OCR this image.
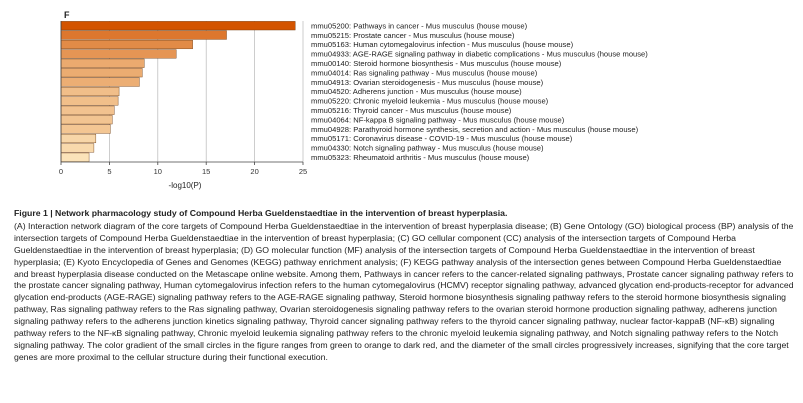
F
0	5	10	15	20	25
mmu05200: Pathways in cancer - Mus musculus (house mouse)
mmu05215: Prostate cancer - Mus musculus (house mouse)
mmu05163: Human cytomegalovirus infection - Mus musculus (house mouse)
mmu04933: AGE-RAGE signaling pathway in diabetic complications - Mus musculus (house mouse)
mmu00140: Steroid hormone biosynthesis - Mus musculus (house mouse)
mmu04014: Ras signaling pathway - Mus musculus (house mouse)
mmu04913: Ovarian steroidogenesis - Mus musculus (house mouse)
mmu04520: Adherens junction - Mus musculus (house mouse)
mmu05220: Chronic myeloid leukemia - Mus musculus (house mouse)
mmu05216: Thyroid cancer - Mus musculus (house mouse)
mmu04064: NF-kappa B signaling pathway - Mus musculus (house mouse)
mmu04928: Parathyroid hormone synthesis, secretion and action - Mus musculus (house mouse)
mmu05171: Coronavirus disease - COVID-19 - Mus musculus (house mouse)
mmu04330: Notch signaling pathway - Mus musculus (house mouse)
mmu05323: Rheumatoid arthritis - Mus musculus (house mouse)
-log10(P)
Figure 1 | Network pharmacology study of Compound Herba Gueldenstaedtiae in the intervention of breast hyperplasia.
(A) Interaction network diagram of the core targets of Compound Herba Gueldenstaedtiae in the intervention of breast hyperplasia disease; (B) Gene Ontology (GO) biological process (BP) analysis of the intersection targets of Compound Herba Gueldenstaedtiae in the intervention of breast hyperplasia; (C) GO cellular component (CC) analysis of the intersection targets of Compound Herba Gueldenstaedtiae in the intervention of breast hyperplasia; (D) GO molecular function (MF) analysis of the intersection targets of Compound Herba Gueldenstaedtiae in the intervention of breast hyperplasia; (E) Kyoto Encyclopedia of Genes and Genomes (KEGG) pathway enrichment analysis; (F) KEGG pathway analysis of the intersection genes between Compound Herba Gueldenstaedtiae and breast hyperplasia disease conducted on the Metascape online website. Among them, Pathways in cancer refers to the cancer-related signaling pathways, Prostate cancer signaling pathway refers to the prostate cancer signaling pathway, Human cytomegalovirus infection refers to the human cytomegalovirus (HCMV) receptor signaling pathway, advanced glycation end-products-receptor for advanced glycation end-products (AGE-RAGE) signaling pathway refers to the AGE-RAGE signaling pathway, Steroid hormone biosynthesis signaling pathway refers to the steroid hormone biosynthesis signaling pathway, Ras signaling pathway refers to the Ras signaling pathway, Ovarian steroidogenesis signaling pathway refers to the ovarian steroid hormone production signaling pathway, adherens junction signaling pathway refers to the adherens junction kinetics signaling pathway, Thyroid cancer signaling pathway refers to the thyroid cancer signaling pathway, nuclear factor-kappaB (NF-κB) signaling pathway refers to the NF-κB signaling pathway, Chronic myeloid leukemia signaling pathway refers to the chronic myeloid leukemia signaling pathway, and Notch signaling pathway refers to the Notch signaling pathway. The color gradient of the small circles in the figure ranges from green to orange to dark red, and the diameter of the small circles progressively increases, signifying that the core target genes are more proximal to the cellular structure during their functional execution.
